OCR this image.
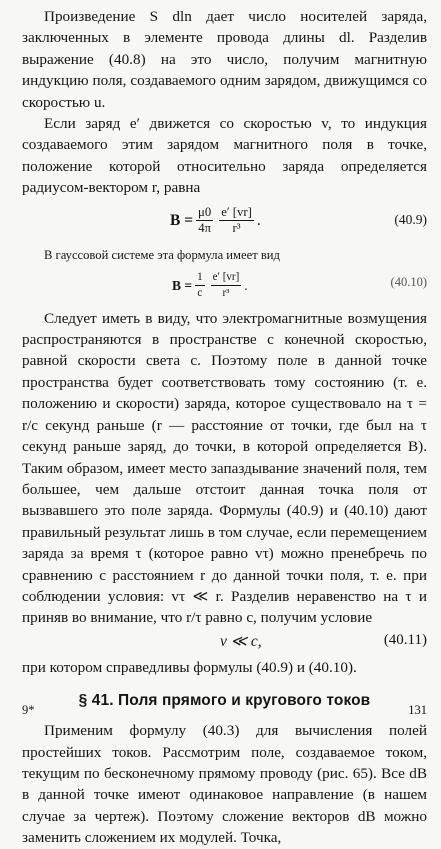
Произведение S dln дает число носителей заряда, заключенных в элементе провода длины dl. Разделив выражение (40.8) на это число, получим магнитную индукцию поля, создаваемого одним зарядом, движущимся со скоростью u.

Если заряд e′ движется со скоростью v, то индукция создаваемого этим зарядом магнитного поля в точке, положение которой относительно заряда определяется радиусом-вектором r, равна

$B = \frac{\mu 0}{4\pi} \frac{e' [vr]}{\text{r³}}$ .	(40.9)

В гауссовой системе эта формула имеет вид

$B = \frac{1}{c} \frac{e' [vr]}{\text{r³}}$ .	(40.10)

Следует иметь в виду, что электромагнитные возмущения распространяются в пространстве с конечной скоростью, равной скорости света c. Поэтому поле в данной точке пространства будет соответствовать тому состоянию (т. е. положению и скорости) заряда, которое существовало на τ = r/c секунд раньше (r — расстояние от точки, где был на τ секунд раньше заряд, до точки, в которой определяется B). Таким образом, имеет место запаздывание значений поля, тем большее, чем дальше отстоит данная точка поля от вызвавшего это поле заряда. Формулы (40.9) и (40.10) дают правильный результат лишь в том случае, если перемещением заряда за время τ (которое равно vτ) можно пренебречь по сравнению с расстоянием r до данной точки поля, т. е. при соблюдении условия: vτ ≪ r. Разделив неравенство на τ и приняв во внимание, что r/τ равно c, получим условие

v ≪ c,	(40.11)

при котором справедливы формулы (40.9) и (40.10).

§ 41. Поля прямого и кругового токов

Применим формулу (40.3) для вычисления полей простейших токов. Рассмотрим поле, создаваемое током, текущим по бесконечному прямому проводу (рис. 65). Все dB в данной точке имеют одинаковое направление (в нашем случае за чертеж). Поэтому сложение векторов dB можно заменить сложением их модулей. Точка,

9*	131
